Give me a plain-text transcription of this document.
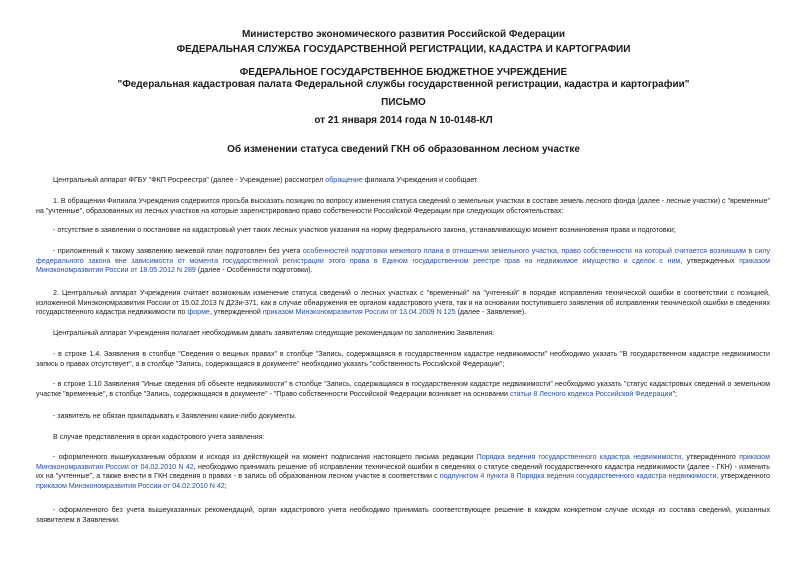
Министерство экономического развития Российской Федерации
ФЕДЕРАЛЬНАЯ СЛУЖБА ГОСУДАРСТВЕННОЙ РЕГИСТРАЦИИ, КАДАСТРА И КАРТОГРАФИИ
ФЕДЕРАЛЬНОЕ ГОСУДАРСТВЕННОЕ БЮДЖЕТНОЕ УЧРЕЖДЕНИЕ
"Федеральная кадастровая палата Федеральной службы государственной регистрации, кадастра и картографии"
ПИСЬМО
от 21 января 2014 года N 10-0148-КЛ
Об изменении статуса сведений ГКН об образованном лесном участке

Центральный аппарат ФГБУ "ФКП Росреестра" (далее - Учреждение) рассмотрел обращение филиала Учреждения и сообщает.

1. В обращении Филиала Учреждения содержится просьба высказать позицию по вопросу изменения статуса сведений о земельных участках в составе земель лесного фонда (далее - лесные участки) с "временные" на "учтенные", образованных из лесных участков на которые зарегистрировано право собственности Российской Федерации при следующих обстоятельствах:

- отсутствие в заявлении о постановке на кадастровый учет таких лесных участков указания на норму федерального закона, устанавливающую момент возникновения права и подготовки;

- приложенный к такому заявлению межевой план подготовлен без учета особенностей подготовки межевого плана в отношении земельного участка, право собственности на который считается возникшим в силу федерального закона вне зависимости от момента государственной регистрации этого права в Едином государственном реестре прав на недвижимое имущество и сделок с ним, утвержденных приказом Минэкономразвития России от 18.05.2012 N 289 (далее - Особенности подготовки).

2. Центральный аппарат Учреждения считает возможным изменение статуса сведений о лесных участках с "временный" на "учтенный" в порядке исправления технической ошибки в соответствии с позицией, изложенной Минэкономразвития России от 15.02.2013 N Д23и-371, как в случае обнаружения ее органом кадастрового учета, так и на основании поступившего заявления об исправлении технической ошибки в сведениях государственного кадастра недвижимости по форме, утвержденной приказом Минэкономразвития России от 13.04.2009 N 125 (далее - Заявление).

Центральный аппарат Учреждения полагает необходимым давать заявителям следующие рекомендации по заполнению Заявления:

- в строке 1.4. Заявления в столбце "Сведения о вещных правах" в столбце "Запись, содержащаяся в государственном кадастре недвижимости" необходимо указать "В государственном кадастре недвижимости запись о правах отсутствует", а в столбце "Запись, содержащаяся в документе" необходимо указать "собственность Российской Федерации";

- в строке 1.10 Заявления "Иные сведения об объекте недвижимости" в столбце "Запись, содержащаяся в государственном кадастре недвижимости" необходимо указать "статус кадастровых сведений о земельном участке "временные", в столбце "Запись, содержащаяся в документе" - "Право собственности Российской Федерации возникает на основании статьи 8 Лесного кодекса Российской Федерации";

- заявитель не обязан прикладывать к Заявлению какие-либо документы.

В случае представления в орган кадастрового учета заявления:

- оформленного вышеуказанным образом и исходя из действующей на момент подписания настоящего письма редакции Порядка ведения государственного кадастра недвижимости, утвержденного приказом Минэкономразвития России от 04.02.2010 N 42, необходимо принимать решение об исправлении технической ошибки в сведениях о статусе сведений государственного кадастра недвижимости (далее - ГКН) - изменить их на "учтенные", а также внести в ГКН сведения о правах - в запись об образованном лесном участке в соответствии с подпунктом 4 пункта 8 Порядка ведения государственного кадастра недвижимости, утвержденного приказом Минэкономразвития России от 04.02.2010 N 42;

- оформленного без учета вышеуказанных рекомендаций, орган кадастрового учета необходимо принимать соответствующее решение в каждом конкретном случае исходя из состава сведений, указанных заявителем в Заявлении.
